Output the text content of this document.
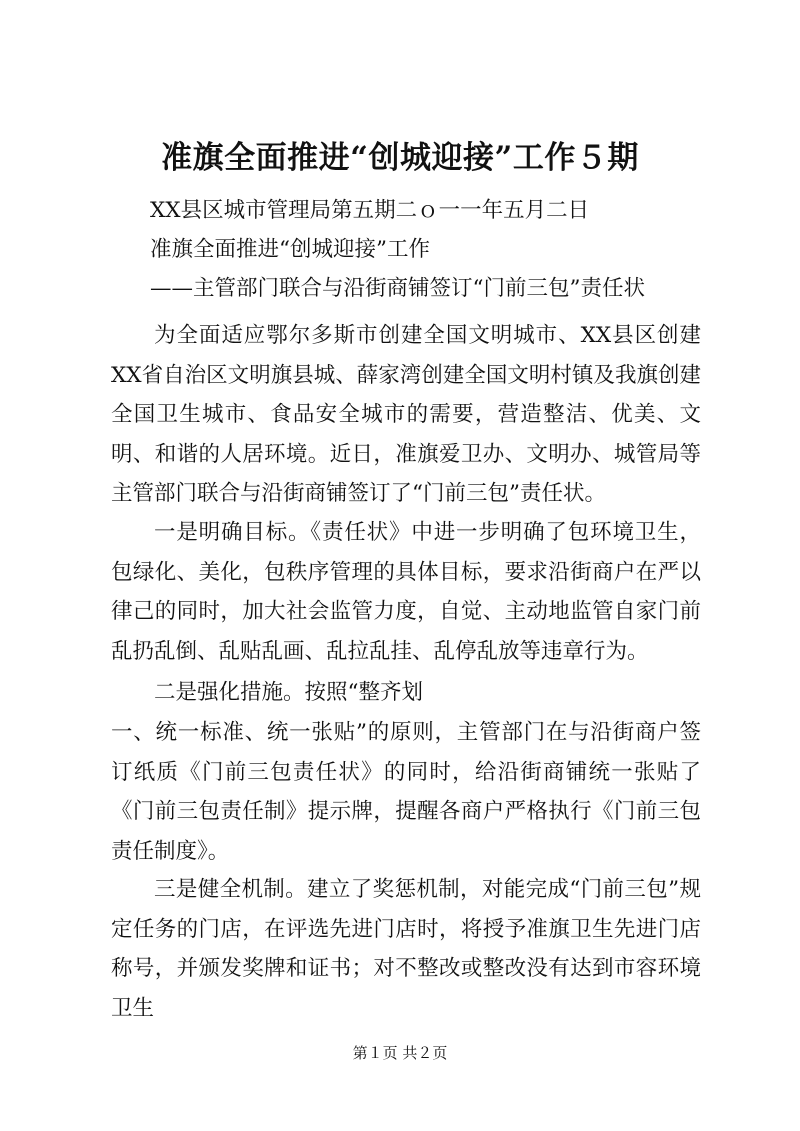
准旗全面推进“创城迎接”工作５期
XX县区城市管理局第五期二ｏ一一年五月二日
准旗全面推进“创城迎接”工作
——主管部门联合与沿街商铺签订“门前三包”责任状

为全面适应鄂尔多斯市创建全国文明城市、XX县区创建XX省自治区文明旗县城、薛家湾创建全国文明村镇及我旗创建全国卫生城市、食品安全城市的需要，营造整洁、优美、文明、和谐的人居环境。近日，准旗爱卫办、文明办、城管局等主管部门联合与沿街商铺签订了“门前三包”责任状。

一是明确目标。《责任状》中进一步明确了包环境卫生，包绿化、美化，包秩序管理的具体目标，要求沿街商户在严以律己的同时，加大社会监管力度，自觉、主动地监管自家门前乱扔乱倒、乱贴乱画、乱拉乱挂、乱停乱放等违章行为。

二是强化措施。按照“整齐划

一、统一标准、统一张贴”的原则，主管部门在与沿街商户签订纸质《门前三包责任状》的同时，给沿街商铺统一张贴了《门前三包责任制》提示牌，提醒各商户严格执行《门前三包责任制度》。

三是健全机制。建立了奖惩机制，对能完成“门前三包”规定任务的门店，在评选先进门店时，将授予准旗卫生先进门店称号，并颁发奖牌和证书；对不整改或整改没有达到市容环境卫生

第１页 共２页
